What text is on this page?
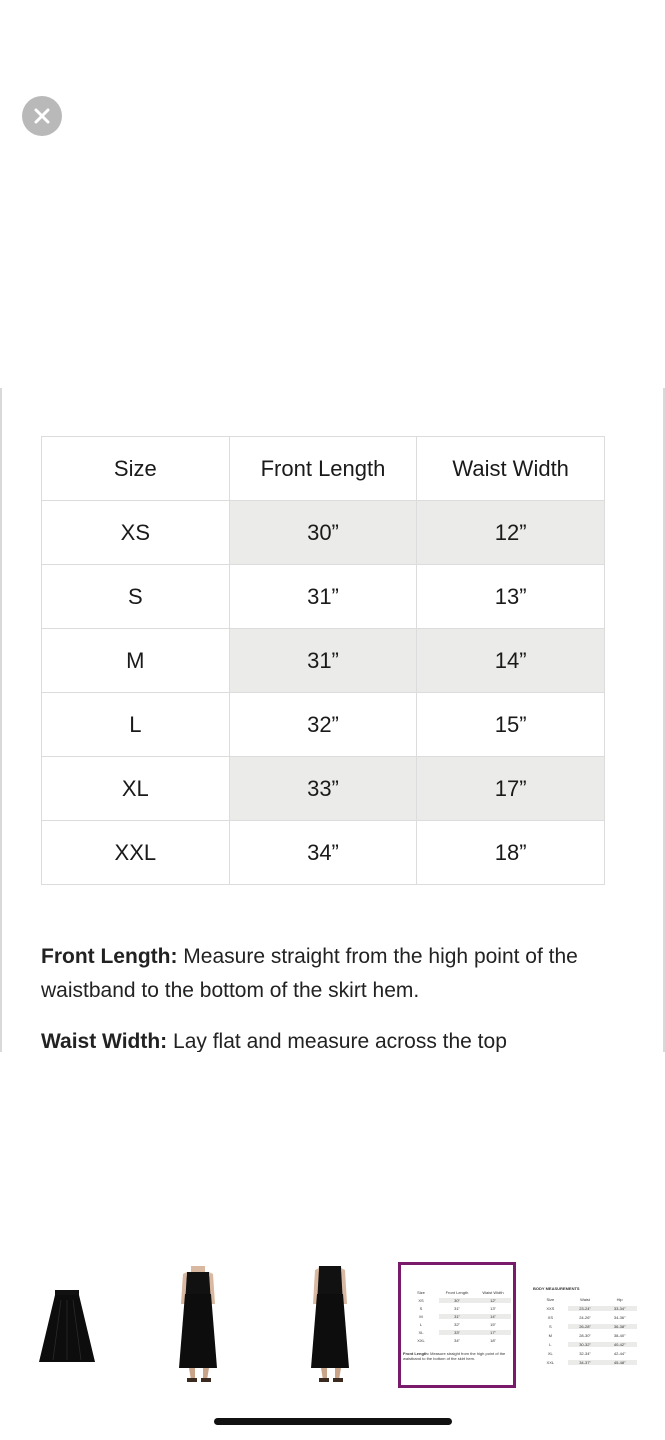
Size	Front Length	Waist Width
XS	30”	12”
S	31”	13”
M	31”	14”
L	32”	15”
XL	33”	17”
XXL	34”	18”
Front Length: Measure straight from the high point of the waistband to the bottom of the skirt hem.
Waist Width: Lay flat and measure across the top
Size	Front Length	Waist Width
XS	30”	12”
S	31”	13”
M	31”	14”
L	32”	15”
XL	33”	17”
XXL	34”	18”
Front Length: Measure straight from the high point of the waistband to the bottom of the skirt hem.
BODY MEASUREMENTS
Size	Waist	Hip
XXS	23-24”	33-34”
XS	24-26”	34-36”
S	26-28”	36-38”
M	28-30”	38-40”
L	30-32”	40-42”
XL	32-34”	42-44”
XXL	34-37”	45-48”
